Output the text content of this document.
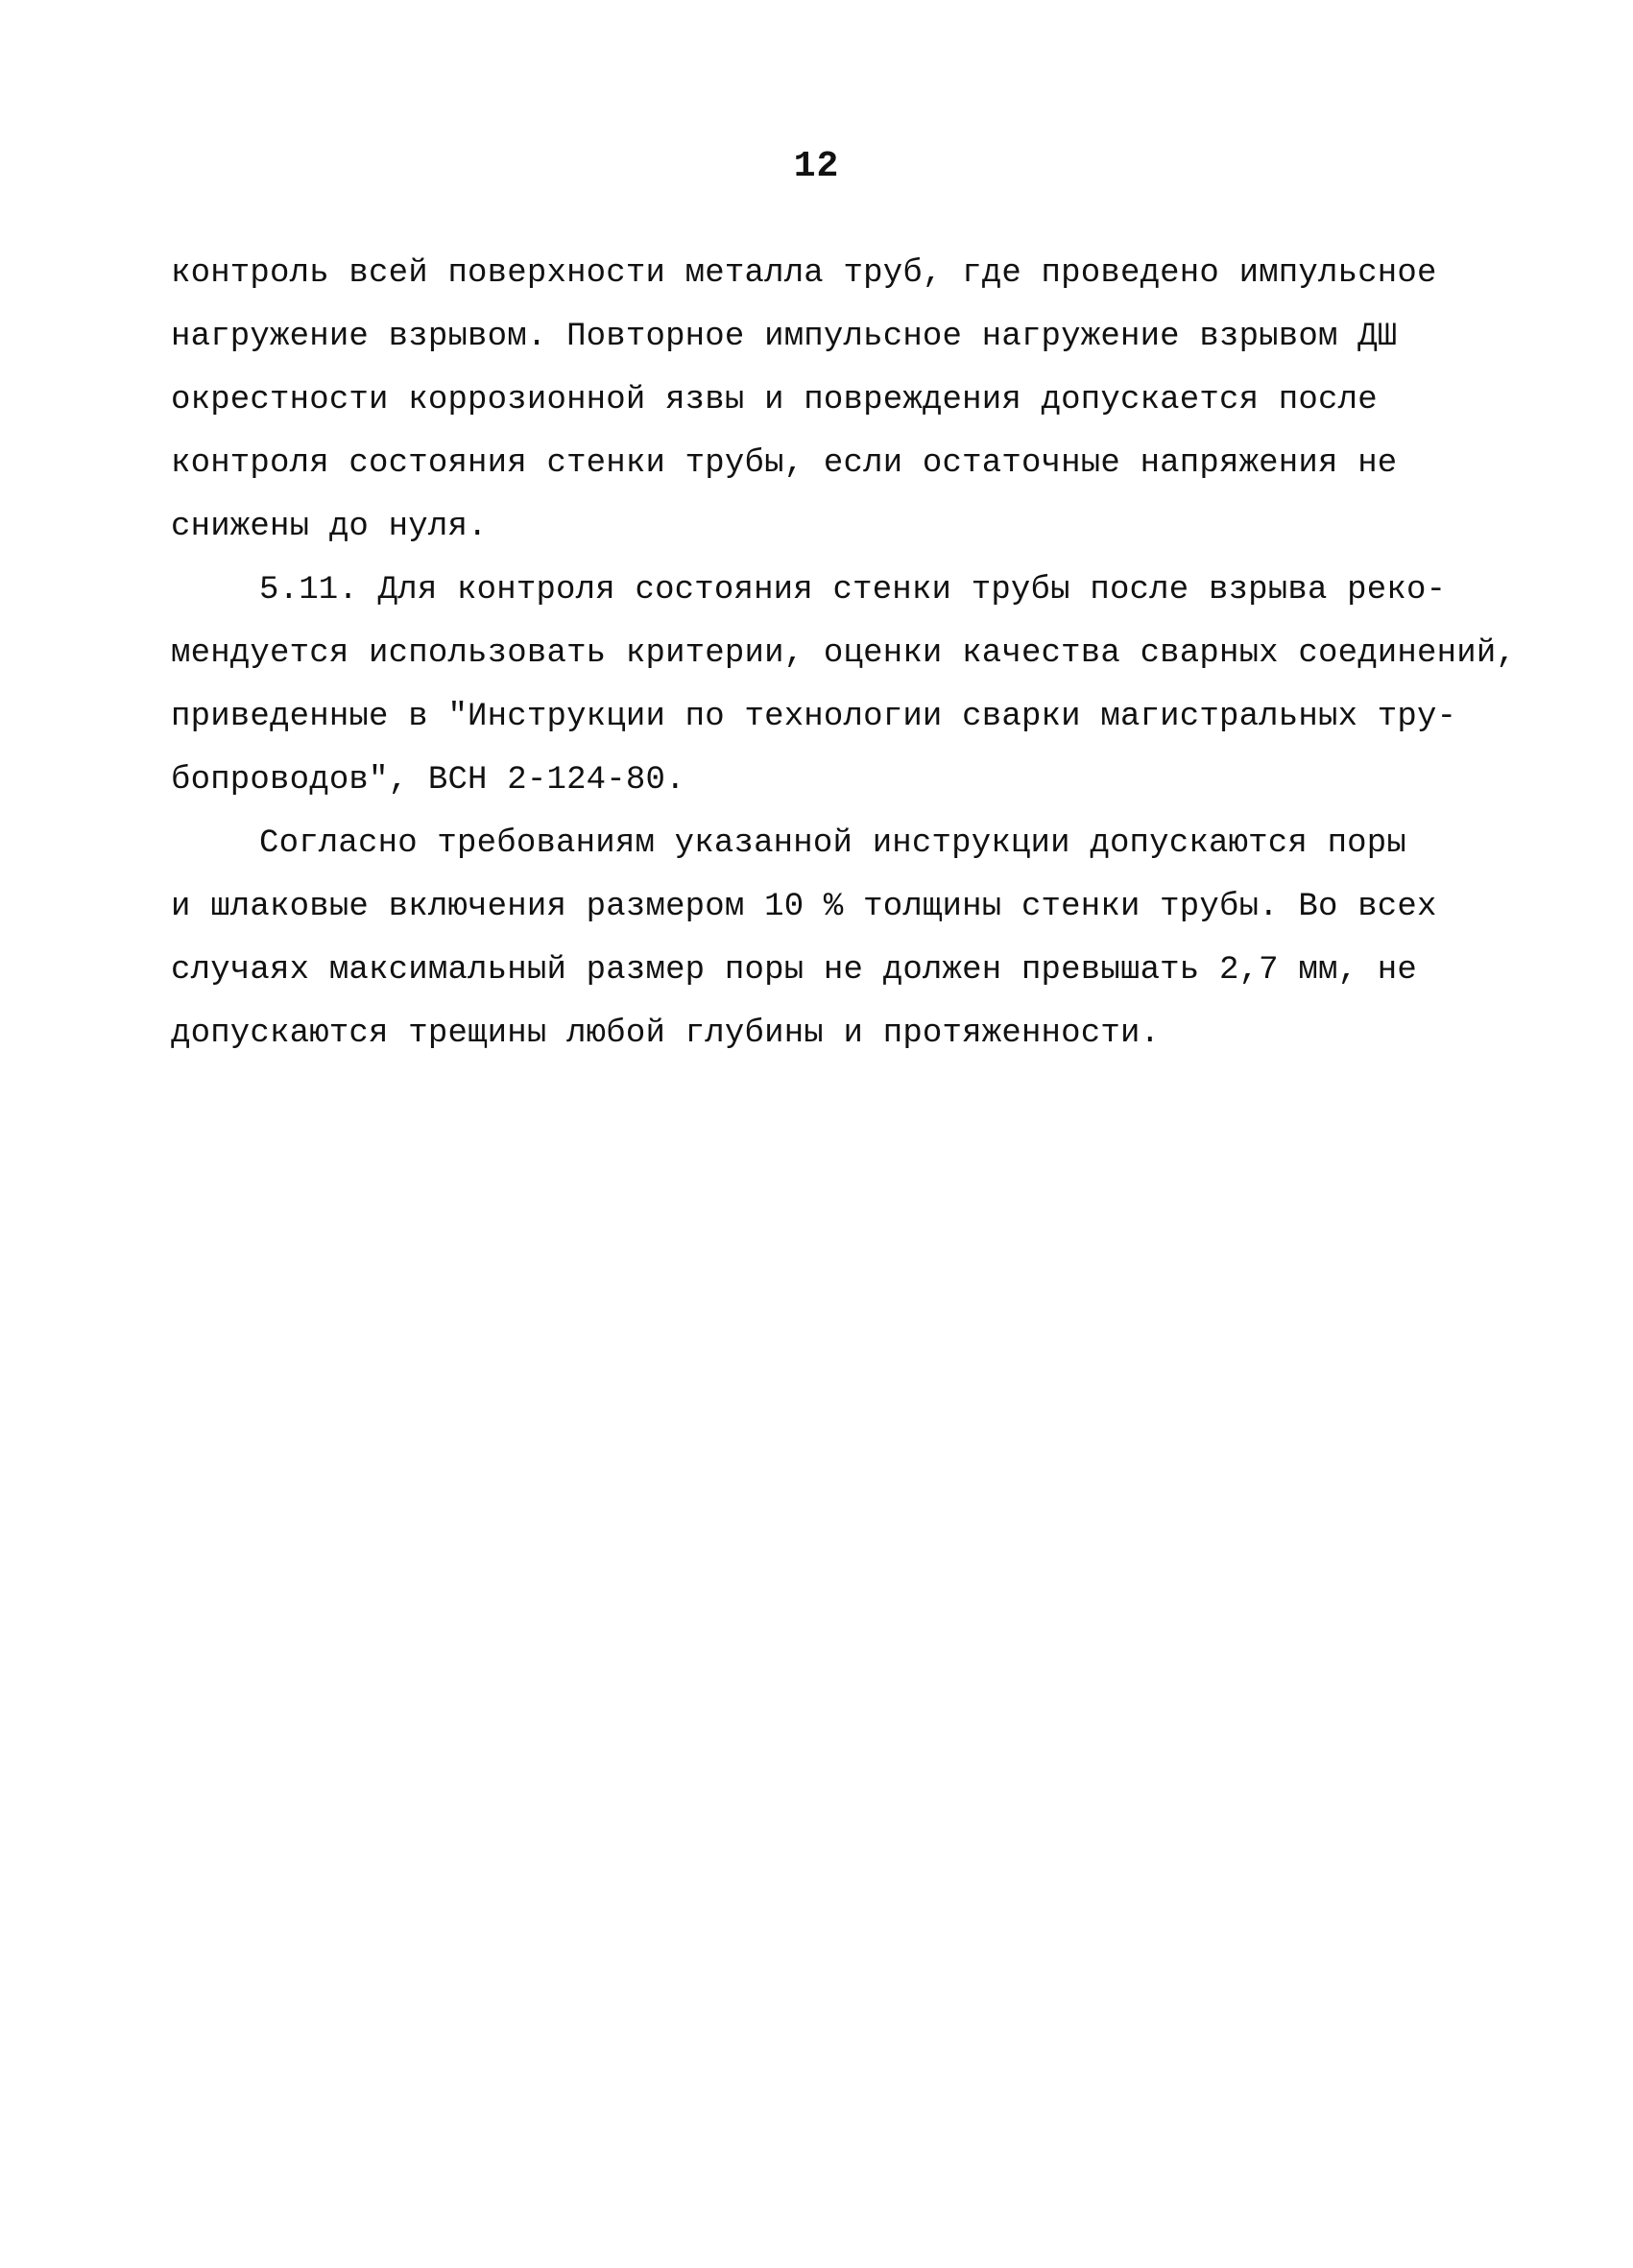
12
контроль всей поверхности металла труб, где проведено импульсное
нагружение взрывом. Повторное импульсное нагружение взрывом ДШ
окрестности коррозионной язвы и повреждения допускается после
контроля состояния стенки трубы, если остаточные напряжения не
снижены до нуля.
5.11. Для контроля состояния стенки трубы после взрыва реко-
мендуется использовать критерии, оценки качества сварных соединений,
приведенные в "Инструкции по технологии сварки магистральных тру-
бопроводов", ВСН 2-124-80.
Согласно требованиям указанной инструкции допускаются поры
и шлаковые включения размером 10 % толщины стенки трубы. Во всех
случаях максимальный размер поры не должен превышать 2,7 мм, не
допускаются трещины любой глубины и протяженности.
